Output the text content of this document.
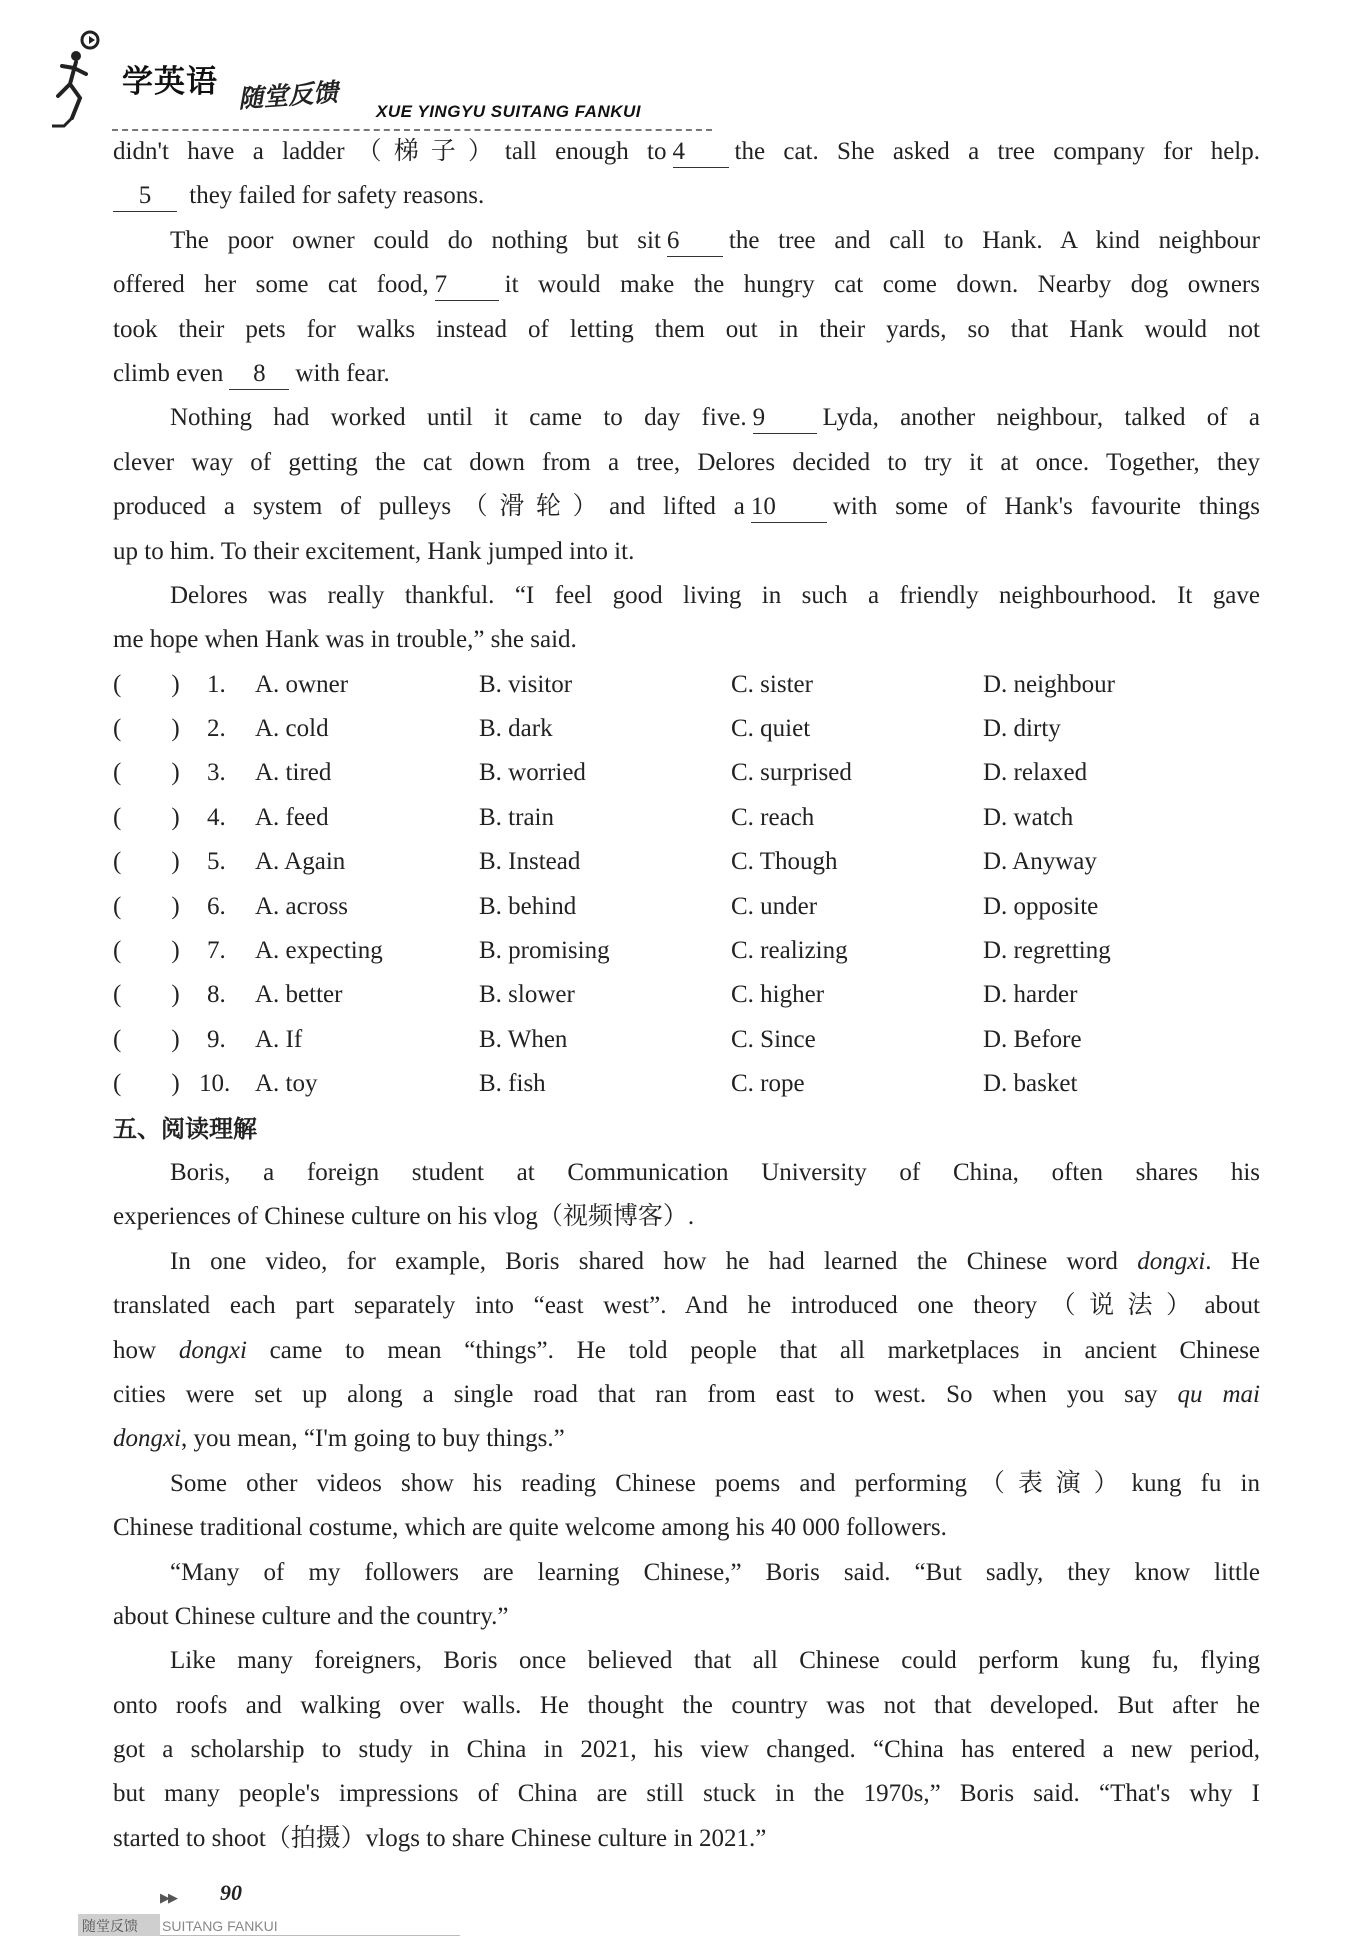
学英语 随堂反馈 XUE YINGYU SUITANG FANKUI
didn't have a ladder（梯子）tall enough to 4 the cat. She asked a tree company for help.
5 they failed for safety reasons.
The poor owner could do nothing but sit 6 the tree and call to Hank. A kind neighbour
offered her some cat food, 7 it would make the hungry cat come down. Nearby dog owners
took their pets for walks instead of letting them out in their yards, so that Hank would not
climb even 8 with fear.
Nothing had worked until it came to day five. 9 Lyda, another neighbour, talked of a
clever way of getting the cat down from a tree, Delores decided to try it at once. Together, they
produced a system of pulleys（滑轮）and lifted a 10 with some of Hank's favourite things
up to him. To their excitement, Hank jumped into it.
Delores was really thankful. “I feel good living in such a friendly neighbourhood. It gave
me hope when Hank was in trouble,” she said.
(　　)	1.	A. owner	B. visitor	C. sister	D. neighbour
(　　)	2.	A. cold	B. dark	C. quiet	D. dirty
(　　)	3.	A. tired	B. worried	C. surprised	D. relaxed
(　　)	4.	A. feed	B. train	C. reach	D. watch
(　　)	5.	A. Again	B. Instead	C. Though	D. Anyway
(　　)	6.	A. across	B. behind	C. under	D. opposite
(　　)	7.	A. expecting	B. promising	C. realizing	D. regretting
(　　)	8.	A. better	B. slower	C. higher	D. harder
(　　)	9.	A. If	B. When	C. Since	D. Before
(　　) 10. A. toy	B. fish	C. rope	D. basket
五、阅读理解
Boris, a foreign student at Communication University of China, often shares his
experiences of Chinese culture on his vlog（视频博客）.
In one video, for example, Boris shared how he had learned the Chinese word dongxi. He
translated each part separately into “east west”. And he introduced one theory（说法）about
how dongxi came to mean “things”. He told people that all marketplaces in ancient Chinese
cities were set up along a single road that ran from east to west. So when you say qu mai
dongxi, you mean, “I'm going to buy things.”
Some other videos show his reading Chinese poems and performing（表演）kung fu in
Chinese traditional costume, which are quite welcome among his 40 000 followers.
“Many of my followers are learning Chinese,” Boris said. “But sadly, they know little
about Chinese culture and the country.”
Like many foreigners, Boris once believed that all Chinese could perform kung fu, flying
onto roofs and walking over walls. He thought the country was not that developed. But after he
got a scholarship to study in China in 2021, his view changed. “China has entered a new period,
but many people's impressions of China are still stuck in the 1970s,” Boris said. “That's why I
started to shoot（拍摄）vlogs to share Chinese culture in 2021.”
▶▶ 90
随堂反馈 SUITANG FANKUI
